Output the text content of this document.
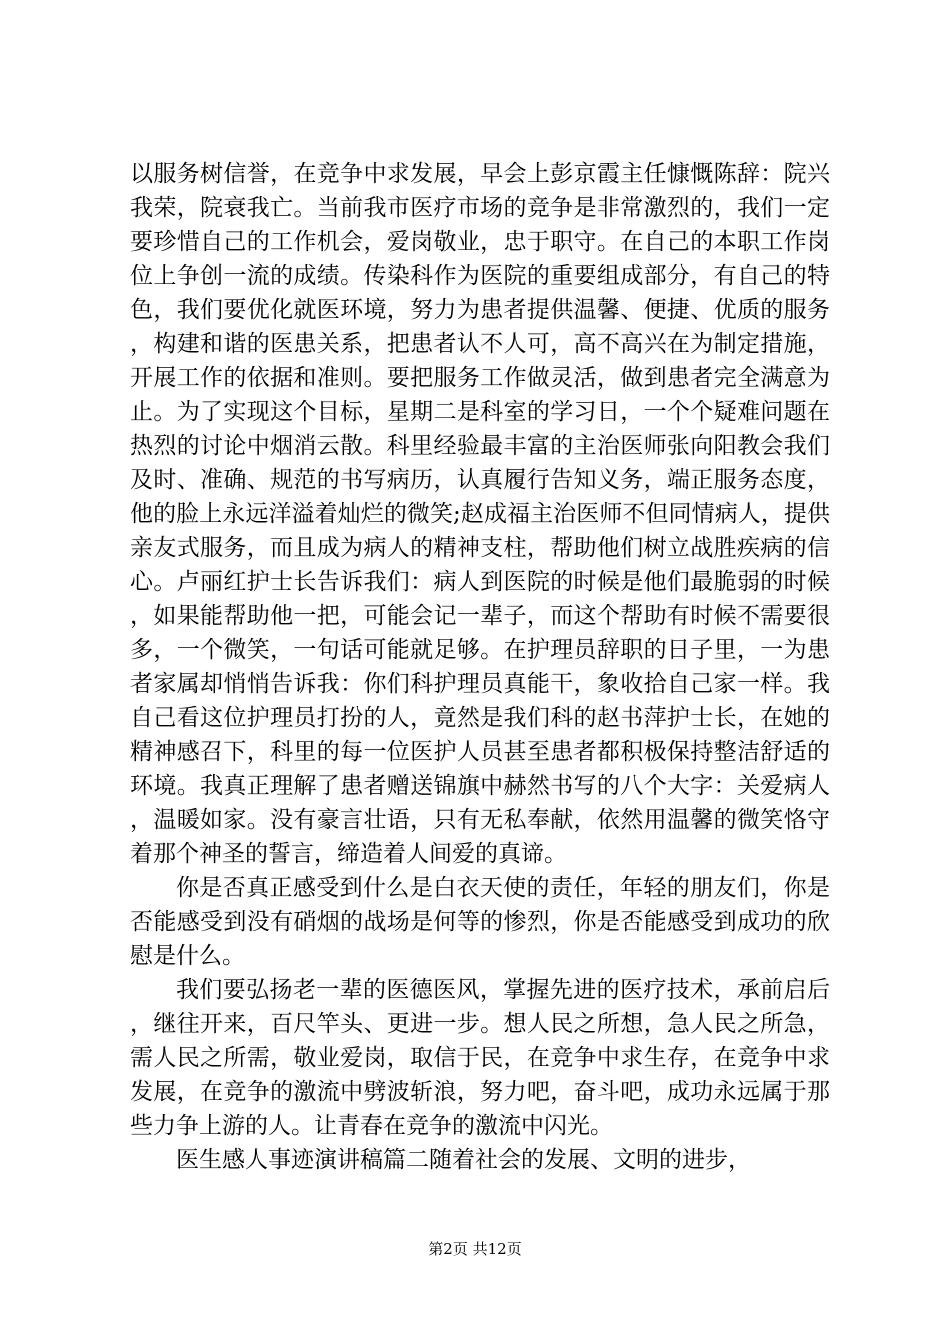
以服务树信誉，在竞争中求发展，早会上彭京霞主任慷慨陈辞：院兴我荣，院衰我亡。当前我市医疗市场的竞争是非常激烈的，我们一定要珍惜自己的工作机会，爱岗敬业，忠于职守。在自己的本职工作岗位上争创一流的成绩。传染科作为医院的重要组成部分，有自己的特色，我们要优化就医环境，努力为患者提供温馨、便捷、优质的服务，构建和谐的医患关系，把患者认不人可，高不高兴在为制定措施，开展工作的依据和准则。要把服务工作做灵活，做到患者完全满意为止。为了实现这个目标，星期二是科室的学习日，一个个疑难问题在热烈的讨论中烟消云散。科里经验最丰富的主治医师张向阳教会我们及时、准确、规范的书写病历，认真履行告知义务，端正服务态度，他的脸上永远洋溢着灿烂的微笑;赵成福主治医师不但同情病人，提供亲友式服务，而且成为病人的精神支柱，帮助他们树立战胜疾病的信心。卢丽红护士长告诉我们：病人到医院的时候是他们最脆弱的时候，如果能帮助他一把，可能会记一辈子，而这个帮助有时候不需要很多，一个微笑，一句话可能就足够。在护理员辞职的日子里，一为患者家属却悄悄告诉我：你们科护理员真能干，象收拾自己家一样。我自己看这位护理员打扮的人，竟然是我们科的赵书萍护士长，在她的精神感召下，科里的每一位医护人员甚至患者都积极保持整洁舒适的环境。我真正理解了患者赠送锦旗中赫然书写的八个大字：关爱病人，温暖如家。没有豪言壮语，只有无私奉献，依然用温馨的微笑恪守着那个神圣的誓言，缔造着人间爱的真谛。

你是否真正感受到什么是白衣天使的责任，年轻的朋友们，你是否能感受到没有硝烟的战场是何等的惨烈，你是否能感受到成功的欣慰是什么。

我们要弘扬老一辈的医德医风，掌握先进的医疗技术，承前启后，继往开来，百尺竿头、更进一步。想人民之所想，急人民之所急，需人民之所需，敬业爱岗，取信于民，在竞争中求生存，在竞争中求发展，在竞争的激流中劈波斩浪，努力吧，奋斗吧，成功永远属于那些力争上游的人。让青春在竞争的激流中闪光。

医生感人事迹演讲稿篇二随着社会的发展、文明的进步，

第2页 共12页
